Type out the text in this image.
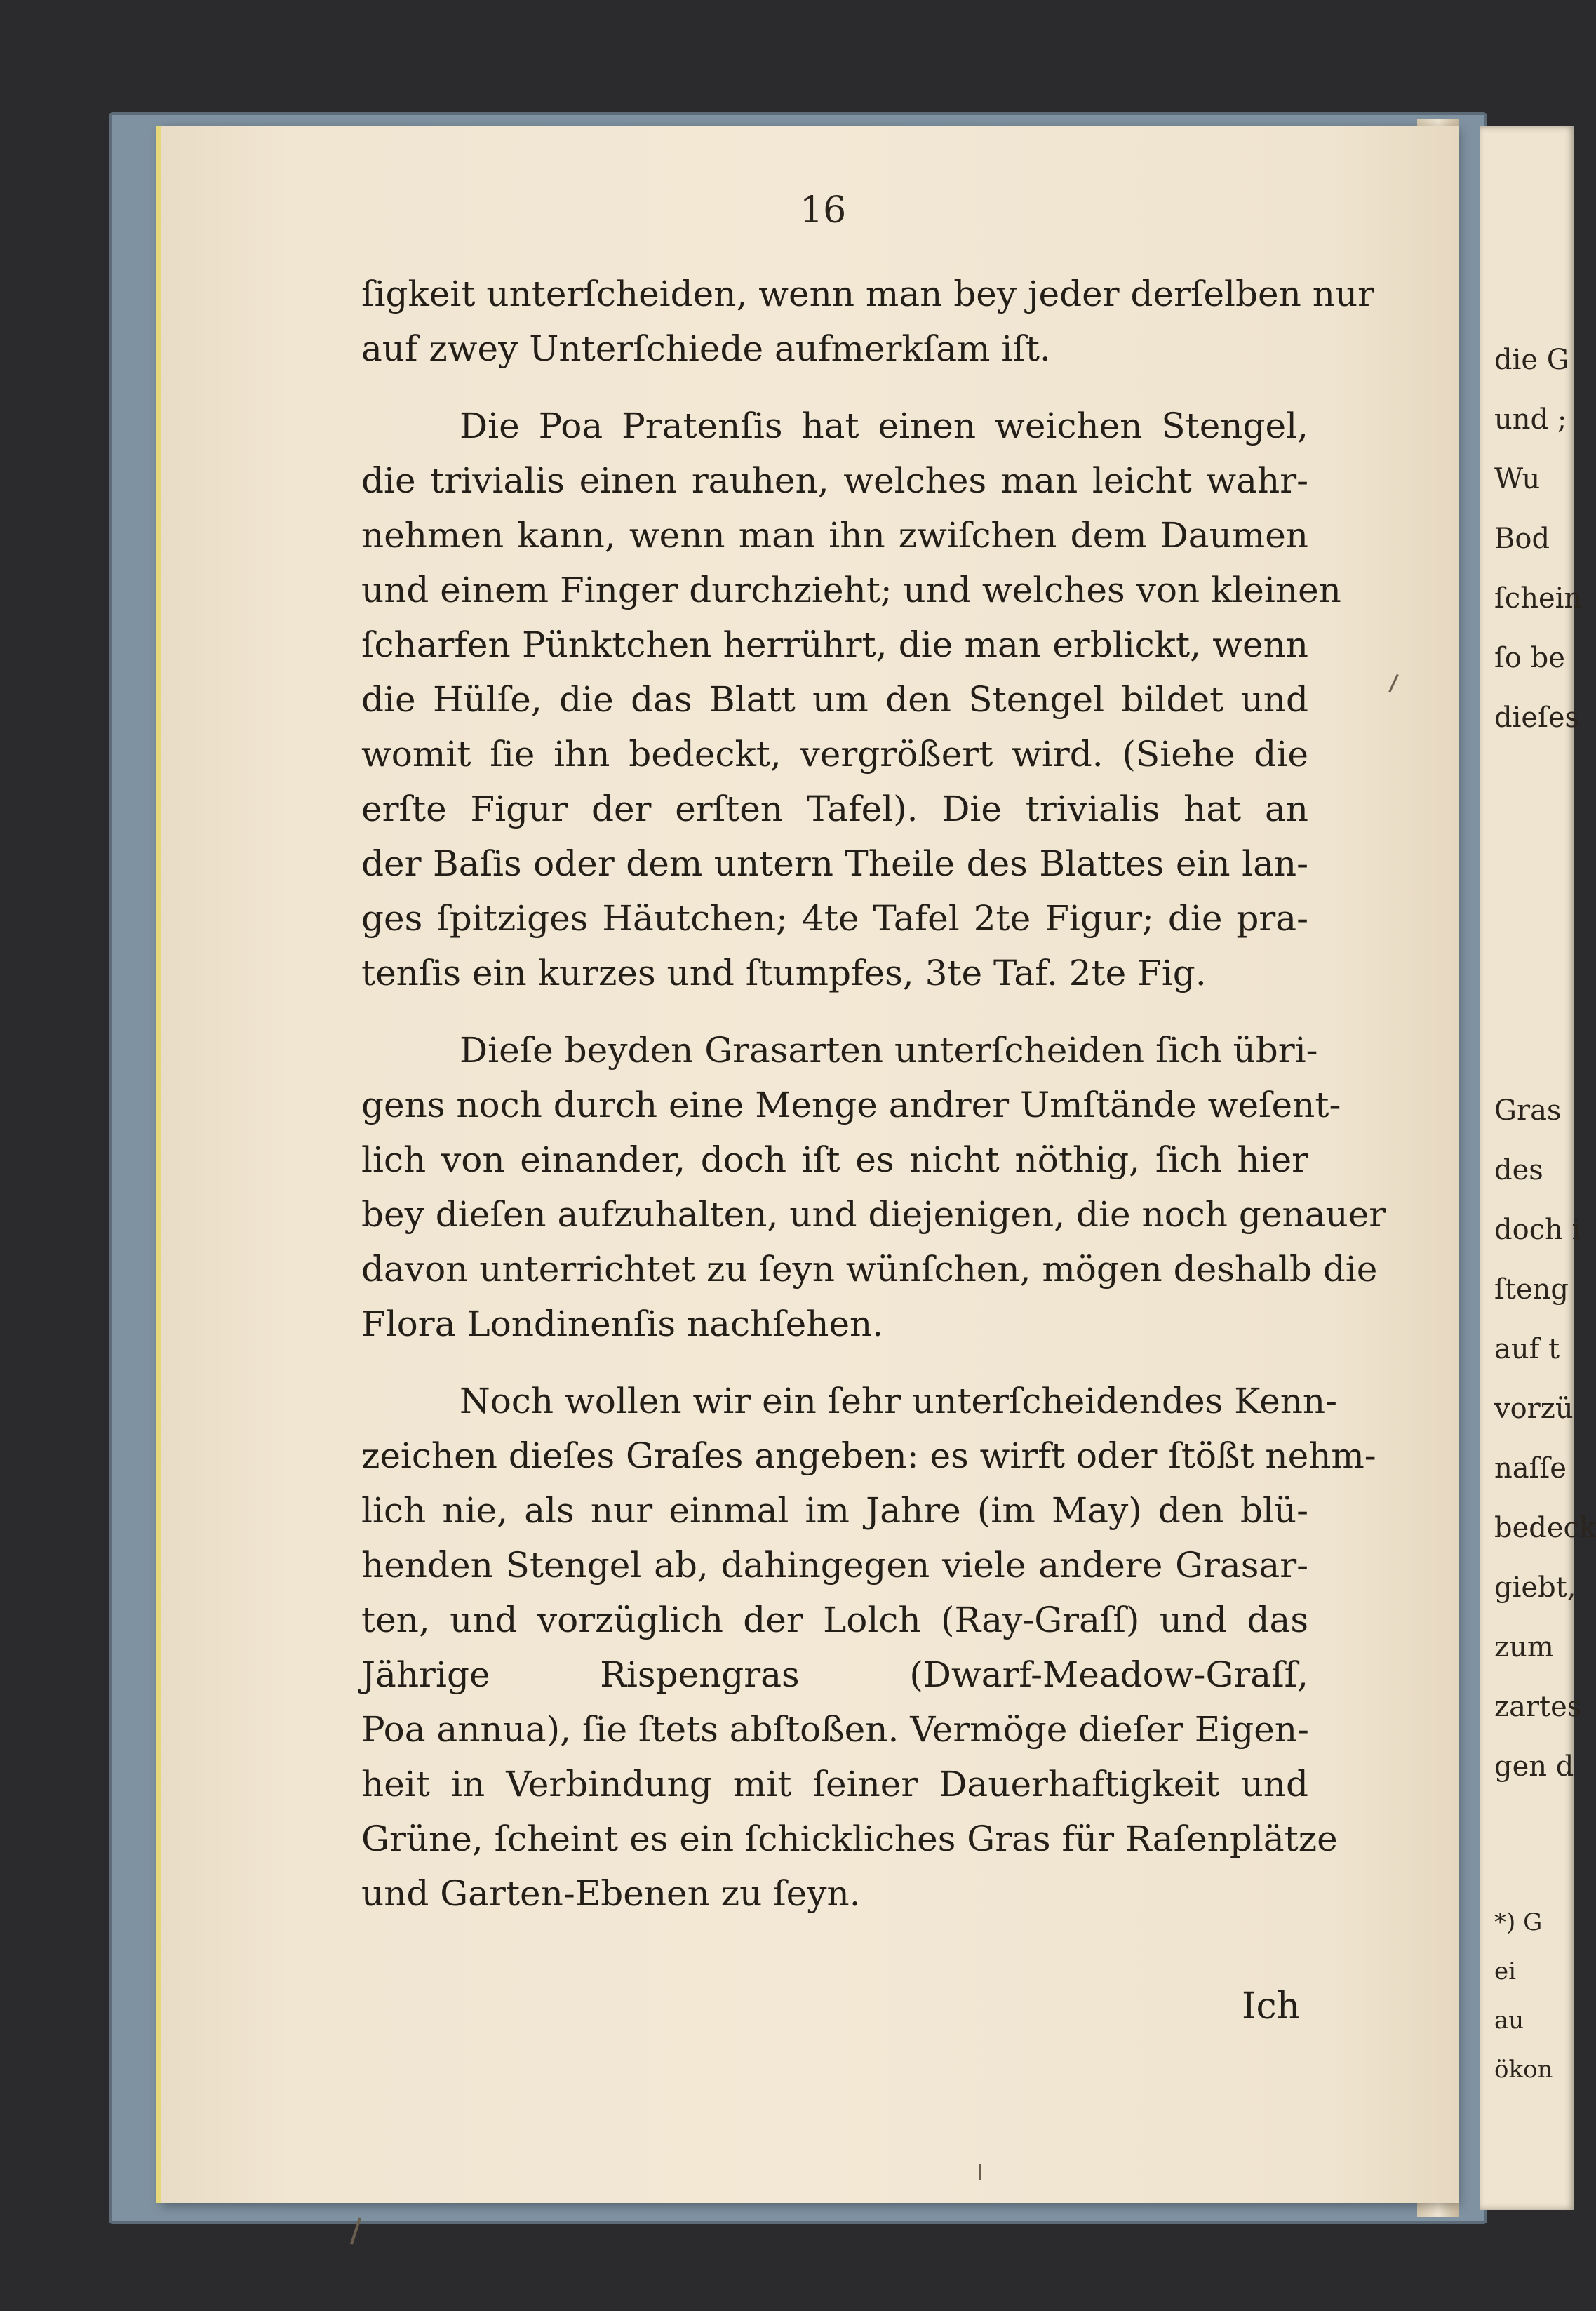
16
ſigkeit unterſcheiden, wenn man bey jeder derſelben nur
auf zwey Unterſchiede aufmerkſam iſt.
Die Poa Pratenſis hat einen weichen Stengel,
die trivialis einen rauhen, welches man leicht wahr-
nehmen kann, wenn man ihn zwiſchen dem Daumen
und einem Finger durchzieht; und welches von kleinen
ſcharfen Pünktchen herrührt, die man erblickt, wenn
die Hülſe, die das Blatt um den Stengel bildet und
womit ſie ihn bedeckt, vergrößert wird. (Siehe die
erſte Figur der erſten Tafel). Die trivialis hat an
der Baſis oder dem untern Theile des Blattes ein lan-
ges ſpitziges Häutchen; 4te Tafel 2te Figur; die pra-
tenſis ein kurzes und ſtumpfes, 3te Taf. 2te Fig.
Dieſe beyden Grasarten unterſcheiden ſich übri-
gens noch durch eine Menge andrer Umſtände weſent-
lich von einander, doch iſt es nicht nöthig, ſich hier
bey dieſen aufzuhalten, und diejenigen, die noch genauer
davon unterrichtet zu ſeyn wünſchen, mögen deshalb die
Flora Londinenſis nachſehen.
Noch wollen wir ein ſehr unterſcheidendes Kenn-
zeichen dieſes Graſes angeben: es wirft oder ſtößt nehm-
lich nie, als nur einmal im Jahre (im May) den blü-
henden Stengel ab, dahingegen viele andere Grasar-
ten, und vorzüglich der Lolch (Ray-Graſſ) und das
Jährige Rispengras (Dwarf-Meadow-Graſſ,
Poa annua), ſie ſtets abſtoßen. Vermöge dieſer Eigen-
heit in Verbindung mit ſeiner Dauerhaftigkeit und
Grüne, ſcheint es ein ſchickliches Gras für Raſenplätze
und Garten-Ebenen zu ſeyn.
Ich
die G
und ;
Wu
Bod
ſchein
ſo be
dieſes
Gras
des
doch i
ſteng
auf t
vorzü
naſſe
bedeck
giebt,
zum
zartes
gen d
*) G
ei
au
ökon
